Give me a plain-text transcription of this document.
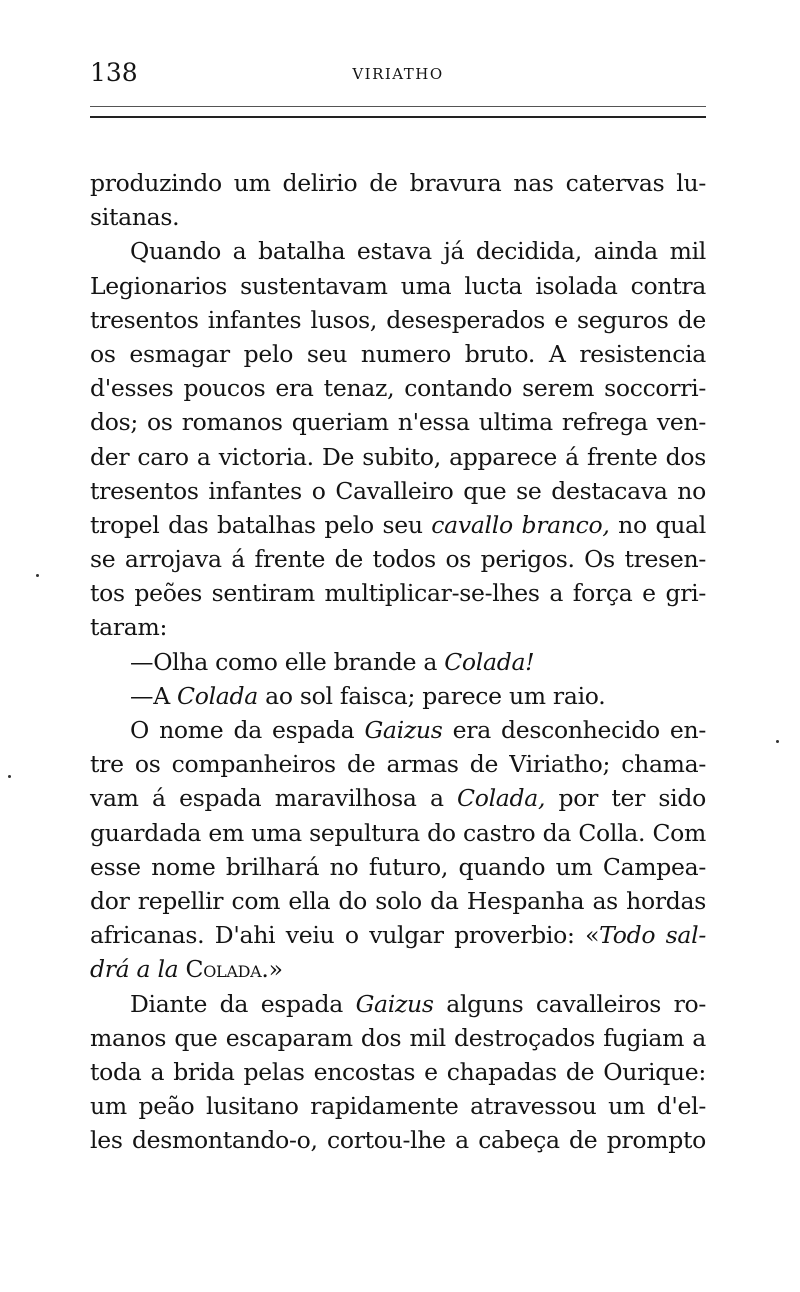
138	VIRIATHO
produzindo um delirio de bravura nas catervas lu-
sitanas.
Quando a batalha estava já decidida, ainda mil
Legionarios sustentavam uma lucta isolada contra
tresentos infantes lusos, desesperados e seguros de
os esmagar pelo seu numero bruto. A resistencia
d'esses poucos era tenaz, contando serem soccorri-
dos; os romanos queriam n'essa ultima refrega ven-
der caro a victoria. De subito, apparece á frente dos
tresentos infantes o Cavalleiro que se destacava no
tropel das batalhas pelo seu cavallo branco, no qual
se arrojava á frente de todos os perigos. Os tresen-
tos peões sentiram multiplicar-se-lhes a força e gri-
taram:
—Olha como elle brande a Colada!
—A Colada ao sol faisca; parece um raio.
O nome da espada Gaizus era desconhecido en-
tre os companheiros de armas de Viriatho; chama-
vam á espada maravilhosa a Colada, por ter sido
guardada em uma sepultura do castro da Colla. Com
esse nome brilhará no futuro, quando um Campea-
dor repellir com ella do solo da Hespanha as hordas
africanas. D'ahi veiu o vulgar proverbio: «Todo sal-
drá a la Colada.»
Diante da espada Gaizus alguns cavalleiros ro-
manos que escaparam dos mil destroçados fugiam a
toda a brida pelas encostas e chapadas de Ourique:
um peão lusitano rapidamente atravessou um d'el-
les desmontando-o, cortou-lhe a cabeça de prompto
